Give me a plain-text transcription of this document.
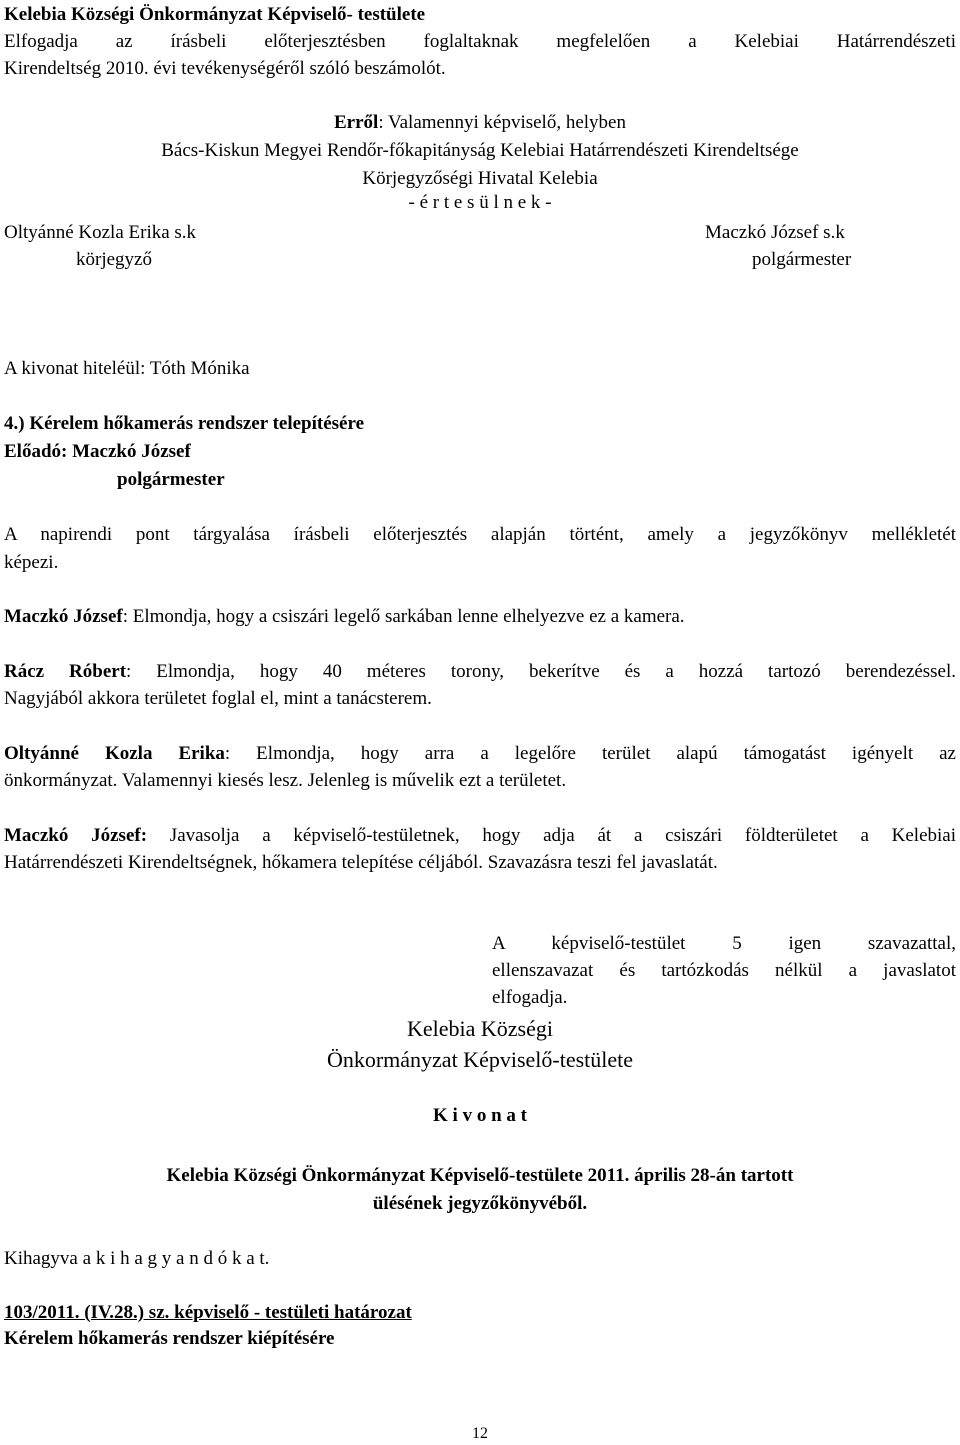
Kelebia Községi Önkormányzat Képviselő- testülete
Elfogadja az írásbeli előterjesztésben foglaltaknak megfelelően a Kelebiai Határrendészeti
Kirendeltség 2010. évi tevékenységéről szóló beszámolót.
Erről: Valamennyi képviselő, helyben
Bács-Kiskun Megyei Rendőr-főkapitányság Kelebiai Határrendészeti Kirendeltsége
Körjegyzőségi Hivatal Kelebia
- é r t e s ü l n e k -
Oltyánné Kozla Erika s.k
körjegyző
Maczkó József s.k
polgármester
A kivonat hiteléül: Tóth Mónika
4.) Kérelem hőkamerás rendszer telepítésére
Előadó: Maczkó József
polgármester
A napirendi pont tárgyalása írásbeli előterjesztés alapján történt, amely a jegyzőkönyv mellékletét
képezi.
Maczkó József: Elmondja, hogy a csiszári legelő sarkában lenne elhelyezve ez a kamera.
Rácz Róbert: Elmondja, hogy 40 méteres torony, bekerítve és a hozzá tartozó berendezéssel.
Nagyjából akkora területet foglal el, mint a tanácsterem.
Oltyánné Kozla Erika: Elmondja, hogy arra a legelőre terület alapú támogatást igényelt az
önkormányzat. Valamennyi kiesés lesz. Jelenleg is művelik ezt a területet.
Maczkó József: Javasolja a képviselő-testületnek, hogy adja át a csiszári földterületet a Kelebiai
Határrendészeti Kirendeltségnek, hőkamera telepítése céljából. Szavazásra teszi fel javaslatát.
A képviselő-testület 5 igen szavazattal,
ellenszavazat és tartózkodás nélkül a javaslatot
elfogadja.
Kelebia Községi
Önkormányzat Képviselő-testülete
K i v o n a t
Kelebia Községi Önkormányzat Képviselő-testülete 2011. április 28-án tartott
ülésének jegyzőkönyvéből.
Kihagyva a k i h a g y a n d ó k a t.
103/2011. (IV.28.) sz. képviselő - testületi határozat
Kérelem hőkamerás rendszer kiépítésére
12
